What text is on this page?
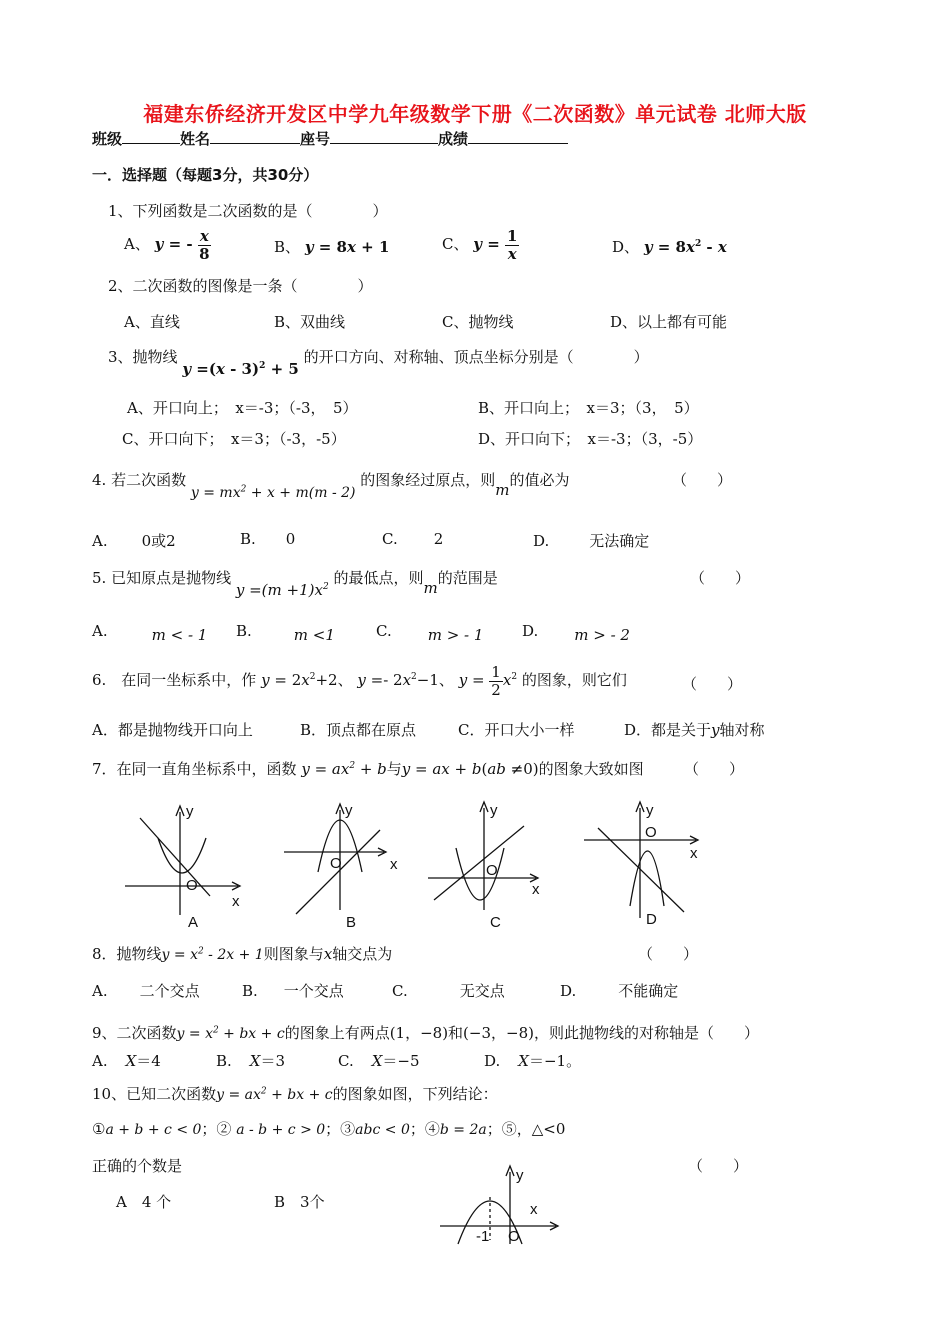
福建东侨经济开发区中学九年级数学下册《二次函数》单元试卷 北师大版
班级	姓名	座号	成绩
一．选择题（每题3分，共30分）
1、下列函数是二次函数的是（　　　　）
A、 y = - $\frac{x}{8}$	B、 y = 8x + 1	C、 $y = \frac{1}{x}$	D、 $y = 8x^2 - x$
2、二次函数的图像是一条（　　　　）
A、直线	B、双曲线	C、抛物线	D、以上都有可能
3、抛物线 y =(x - 3)$^2$ + 5 的开口方向、对称轴、顶点坐标分别是（　　　　）
A、开口向上；　x＝-3；（-3，　5）	B、开口向上；　x＝3；（3，　5）
C、开口向下；　x＝3；（-3，-5）	D、开口向下；　x＝-3；（3，-5）
4. 若二次函数 $y = mx^2 + x + m(m - 2)$ 的图象经过原点，则m的值必为	（　　）
A. 0或2	B. 0	C. 2	D.	无法确定
5. 已知原点是抛物线 $y =(m +1)x^2$ 的最低点，则m的范围是	（　　）
A.	m < - 1 B.	m <1	C. m > - 1	D. m > - 2
6.　在同一坐标系中，作 $y = 2x^2+2$、 $y =- 2x^2-1$、 $y = \frac{1}{2} x^2$ 的图象，则它们	（　　）
A．都是抛物线开口向上	B．顶点都在原点	C．开口大小一样	D．都是关于y轴对称
7．在同一直角坐标系中，函数 $y = ax^2 + b$与y = ax + b(ab ≠0)的图象大致如图	（　　）
y
x
O
A
y
x
O
B
y
x
O
C
y
x
O
D
8．抛物线$y = x^2 - 2x + 1$则图象与x轴交点为	（　　）
A. 二个交点	B. 一个交点	C.	无交点	D.	不能确定
9、二次函数$y = x^2$ + bx + c的图象上有两点(1，−8)和(−3，−8)，则此抛物线的对称轴是（　　）
A. X＝4	B. X＝3	C. X＝−5	D. X＝−1。
10、已知二次函数$y = ax^2$ + bx + c的图象如图，下列结论：
①a + b + c < 0；② a - b + c > 0；③abc < 0；④b = 2a；⑤，△<0
正确的个数是	（　　）
A　4 个	B　3个
y
x
-1 O
